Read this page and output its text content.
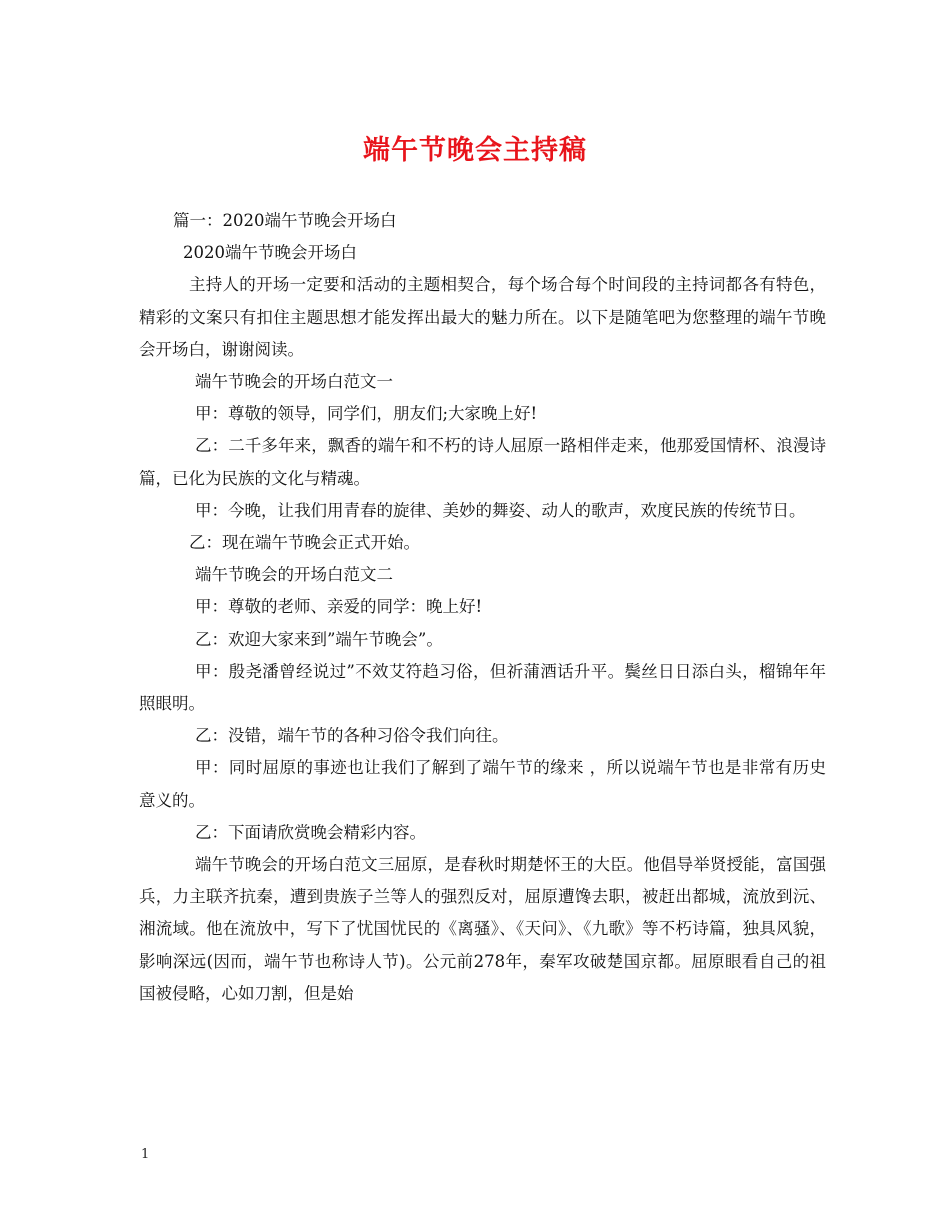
端午节晚会主持稿

篇一：2020端午节晚会开场白

2020端午节晚会开场白

主持人的开场一定要和活动的主题相契合，每个场合每个时间段的主持词都各有特色，精彩的文案只有扣住主题思想才能发挥出最大的魅力所在。以下是随笔吧为您整理的端午节晚会开场白，谢谢阅读。

端午节晚会的开场白范文一

甲：尊敬的领导，同学们，朋友们;大家晚上好!

乙：二千多年来，飘香的端午和不朽的诗人屈原一路相伴走来，他那爱国情杯、浪漫诗篇，已化为民族的文化与精魂。

甲：今晚，让我们用青春的旋律、美妙的舞姿、动人的歌声，欢度民族的传统节日。

乙：现在端午节晚会正式开始。

端午节晚会的开场白范文二

甲：尊敬的老师、亲爱的同学：晚上好!

乙：欢迎大家来到”端午节晚会”。

甲：殷尧潘曾经说过”不效艾符趋习俗，但祈蒲酒话升平。鬓丝日日添白头，榴锦年年照眼明。

乙：没错，端午节的各种习俗令我们向往。

甲：同时屈原的事迹也让我们了解到了端午节的缘来 ，所以说端午节也是非常有历史意义的。

乙：下面请欣赏晚会精彩内容。

端午节晚会的开场白范文三屈原，是春秋时期楚怀王的大臣。他倡导举贤授能，富国强兵，力主联齐抗秦，遭到贵族子兰等人的强烈反对，屈原遭馋去职，被赶出都城，流放到沅、湘流域。他在流放中，写下了忧国忧民的《离骚》、《天问》、《九歌》等不朽诗篇，独具风貌，影响深远(因而，端午节也称诗人节)。公元前278年，秦军攻破楚国京都。屈原眼看自己的祖国被侵略，心如刀割，但是始

1
